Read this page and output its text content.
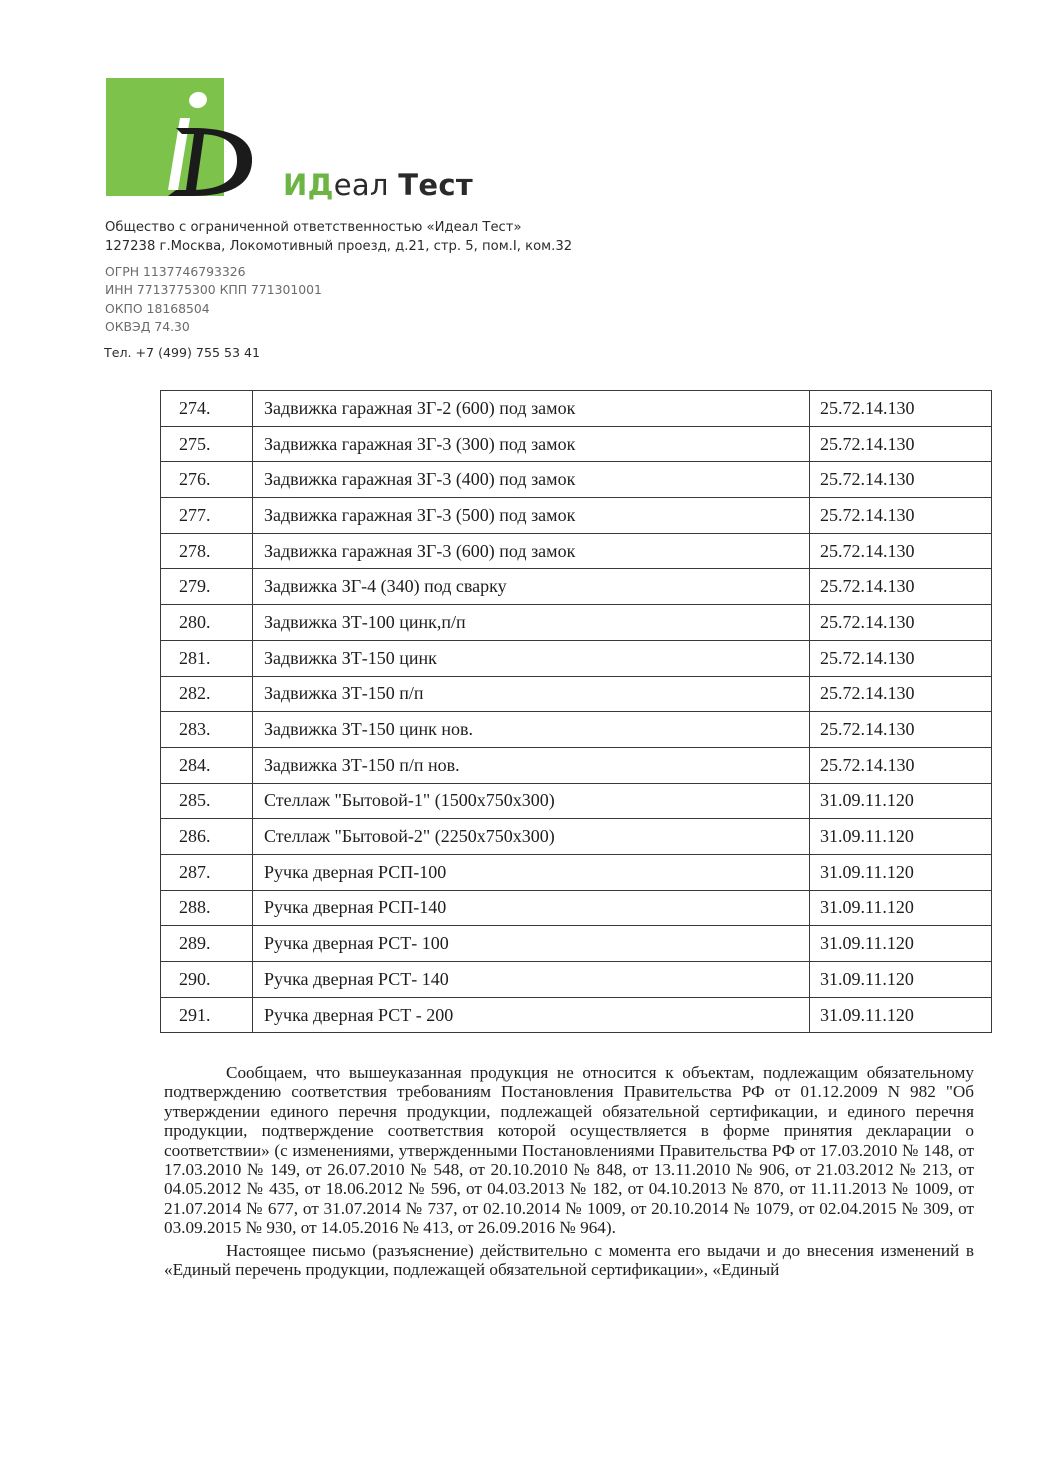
ИДеал Тест
Общество с ограниченной ответственностью «Идеал Тест»
127238 г.Москва, Локомотивный проезд, д.21, стр. 5, пом.I, ком.32
ОГРН 1137746793326
ИНН 7713775300 КПП 771301001
ОКПО 18168504
ОКВЭД 74.30
Тел. +7 (499) 755 53 41
274.	Задвижка гаражная ЗГ-2 (600) под замок	25.72.14.130
275.	Задвижка гаражная ЗГ-3 (300) под замок	25.72.14.130
276.	Задвижка гаражная ЗГ-3 (400) под замок	25.72.14.130
277.	Задвижка гаражная ЗГ-3 (500) под замок	25.72.14.130
278.	Задвижка гаражная ЗГ-3 (600) под замок	25.72.14.130
279.	Задвижка ЗГ-4 (340) под сварку	25.72.14.130
280.	Задвижка ЗТ-100 цинк,п/п	25.72.14.130
281.	Задвижка ЗТ-150 цинк	25.72.14.130
282.	Задвижка ЗТ-150 п/п	25.72.14.130
283.	Задвижка ЗТ-150 цинк нов.	25.72.14.130
284.	Задвижка ЗТ-150 п/п нов.	25.72.14.130
285.	Стеллаж "Бытовой-1" (1500х750х300)	31.09.11.120
286.	Стеллаж "Бытовой-2" (2250х750х300)	31.09.11.120
287.	Ручка дверная РСП-100	31.09.11.120
288.	Ручка дверная РСП-140	31.09.11.120
289.	Ручка дверная РСТ- 100	31.09.11.120
290.	Ручка дверная РСТ- 140	31.09.11.120
291.	Ручка дверная РСТ - 200	31.09.11.120

Сообщаем, что вышеуказанная продукция не относится к объектам, подлежащим обязательному подтверждению соответствия требованиям Постановления Правительства РФ от 01.12.2009 N 982 "Об утверждении единого перечня продукции, подлежащей обязательной сертификации, и единого перечня продукции, подтверждение соответствия которой осуществляется в форме принятия декларации о соответствии» (с изменениями, утвержденными Постановлениями Правительства РФ от 17.03.2010 № 148, от 17.03.2010 № 149, от 26.07.2010 № 548, от 20.10.2010 № 848, от 13.11.2010 № 906, от 21.03.2012 № 213, от 04.05.2012 № 435, от 18.06.2012 № 596, от 04.03.2013 № 182, от 04.10.2013 № 870, от 11.11.2013 № 1009, от 21.07.2014 № 677, от 31.07.2014 № 737, от 02.10.2014 № 1009, от 20.10.2014 № 1079, от 02.04.2015 № 309, от 03.09.2015 № 930, от 14.05.2016 № 413, от 26.09.2016 № 964).

Настоящее письмо (разъяснение) действительно с момента его выдачи и до внесения изменений в «Единый перечень продукции, подлежащей обязательной сертификации», «Единый
